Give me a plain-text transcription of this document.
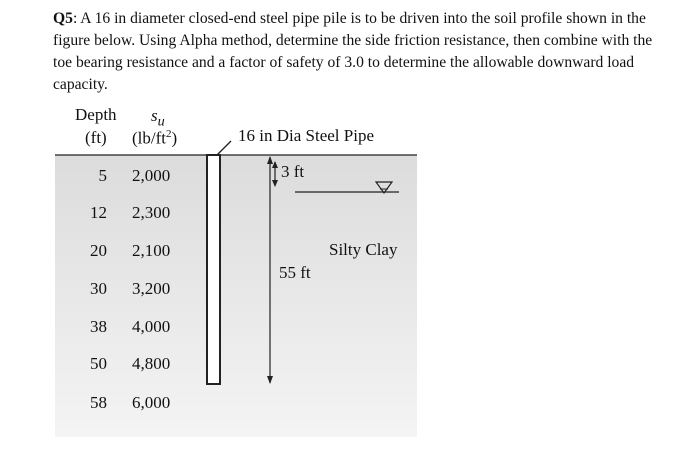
Q5: A 16 in diameter closed-end steel pipe pile is to be driven into the soil profile shown in the figure below. Using Alpha method, determine the side friction resistance, then combine with the toe bearing resistance and a factor of safety of 3.0 to determine the allowable downward load capacity.

Depth $s_u$
(ft) $(lb/ft^2)$	16 in Dia Steel Pipe
3 ft
Silty Clay
55 ft
5 2,000
12 2,300
20 2,100
30 3,200
38 4,000
50 4,800
58 6,000
